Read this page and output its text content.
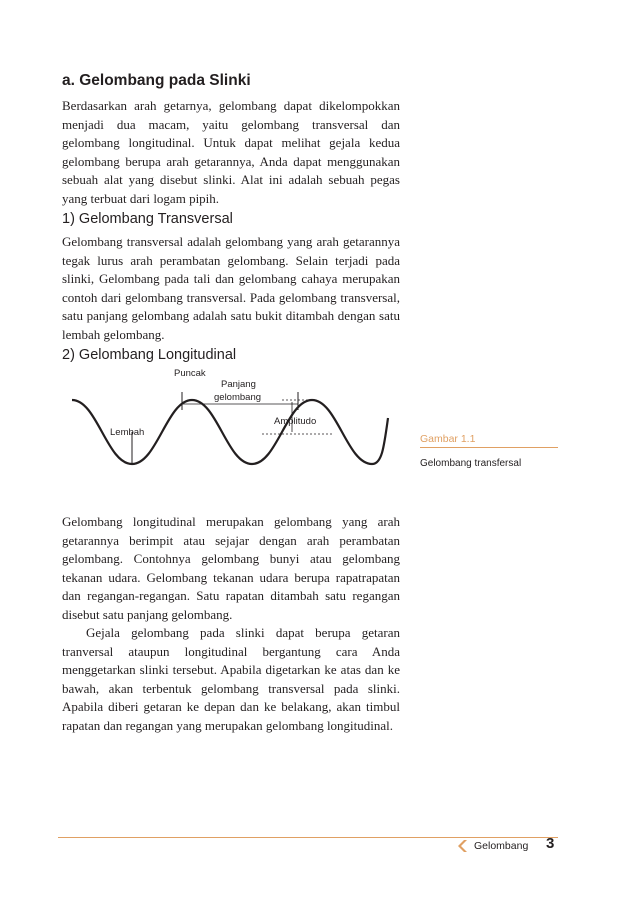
a. Gelombang pada Slinki

Berdasarkan arah getarnya, gelombang dapat dikelompokkan menjadi dua macam, yaitu gelombang transversal dan gelombang longitudinal. Untuk dapat melihat gejala kedua gelombang berupa arah getarannya, Anda dapat menggunakan sebuah alat yang disebut slinki. Alat ini adalah sebuah pegas yang terbuat dari logam pipih.

1) Gelombang Transversal

Gelombang transversal adalah gelombang yang arah getarannya tegak lurus arah perambatan gelombang. Selain terjadi pada slinki, Gelombang pada tali dan gelombang cahaya merupakan contoh dari gelombang transversal. Pada gelombang transversal, satu panjang gelombang adalah satu bukit ditambah dengan satu lembah gelombang.

2) Gelombang Longitudinal
Puncak
Panjang
gelombang
Amplitudo
Lembah
Gambar 1.1
Gelombang transfersal

Gelombang longitudinal merupakan gelombang yang arah getarannya berimpit atau sejajar dengan arah perambatan gelombang. Contohnya gelombang bunyi atau gelombang tekanan udara. Gelombang tekanan udara berupa rapatrapatan dan regangan-regangan. Satu rapatan ditambah satu regangan disebut satu panjang gelombang.

Gejala gelombang pada slinki dapat berupa getaran tranversal ataupun longitudinal bergantung cara Anda menggetarkan slinki tersebut. Apabila digetarkan ke atas dan ke bawah, akan terbentuk gelombang transversal pada slinki. Apabila diberi getaran ke depan dan ke belakang, akan timbul rapatan dan regangan yang merupakan gelombang longitudinal.

Gelombang 3
